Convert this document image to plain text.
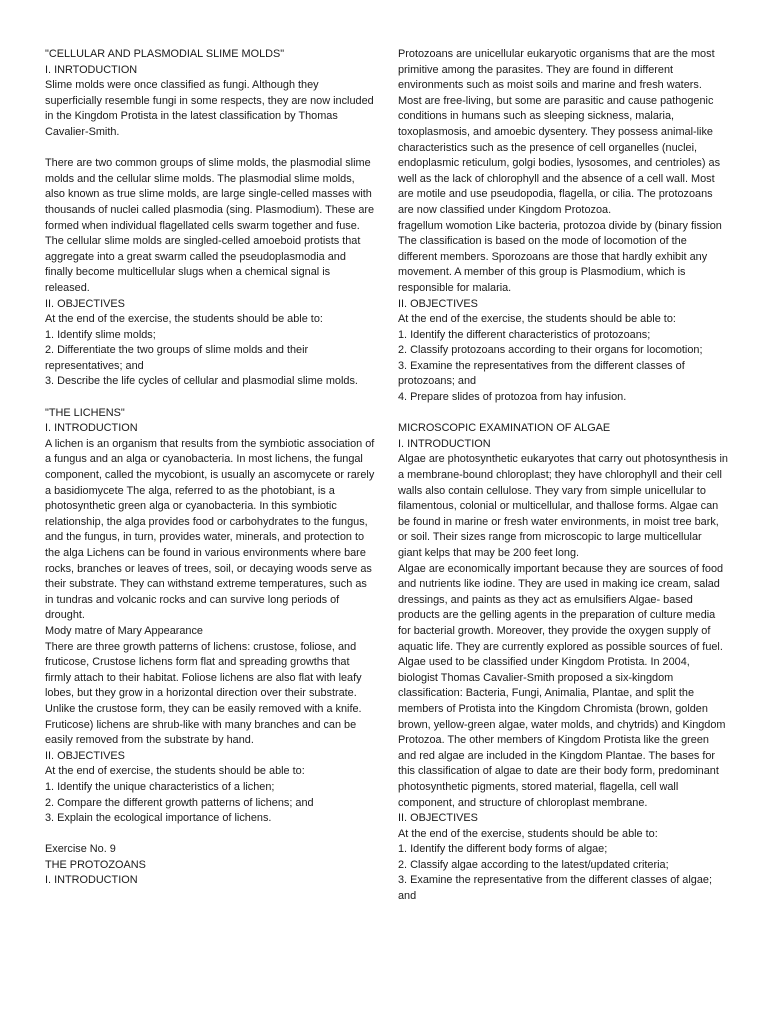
"CELLULAR AND PLASMODIAL SLIME MOLDS"

I. INRTODUCTION

Slime molds were once classified as fungi. Although they superficially resemble fungi in some respects, they are now included in the Kingdom Protista in the latest classification by Thomas Cavalier-Smith.

There are two common groups of slime molds, the plasmodial slime molds and the cellular slime molds. The plasmodial slime molds, also known as true slime molds, are large single-celled masses with thousands of nuclei called plasmodia (sing. Plasmodium). These are formed when individual flagellated cells swarm together and fuse. The cellular slime molds are singled-celled amoeboid protists that aggregate into a great swarm called the pseudoplasmodia and finally become multicellular slugs when a chemical signal is released.

II. OBJECTIVES

At the end of the exercise, the students should be able to:

1. Identify slime molds;

2. Differentiate the two groups of slime molds and their representatives; and

3. Describe the life cycles of cellular and plasmodial slime molds.

"THE LICHENS"

I. INTRODUCTION

A lichen is an organism that results from the symbiotic association of a fungus and an alga or cyanobacteria. In most lichens, the fungal component, called the mycobiont, is usually an ascomycete or rarely a basidiomycete The alga, referred to as the photobiant, is a photosynthetic green alga or cyanobacteria. In this symbiotic relationship, the alga provides food or carbohydrates to the fungus, and the fungus, in turn, provides water, minerals, and protection to the alga Lichens can be found in various environments where bare rocks, branches or leaves of trees, soil, or decaying woods serve as their substrate. They can withstand extreme temperatures, such as in tundras and volcanic rocks and can survive long periods of drought.

Mody matre of Mary Appearance

There are three growth patterns of lichens: crustose, foliose, and fruticose, Crustose lichens form flat and spreading growths that firmly attach to their habitat. Foliose lichens are also flat with leafy lobes, but they grow in a horizontal direction over their substrate. Unlike the crustose form, they can be easily removed with a knife. Fruticose) lichens are shrub-like with many branches and can be easily removed from the substrate by hand.

II. OBJECTIVES

At the end of exercise, the students should be able to:

1. Identify the unique characteristics of a lichen;

2. Compare the different growth patterns of lichens; and

3. Explain the ecological importance of lichens.

Exercise No. 9

THE PROTOZOANS

I. INTRODUCTION

Protozoans are unicellular eukaryotic organisms that are the most primitive among the parasites. They are found in different environments such as moist soils and marine and fresh waters. Most are free-living, but some are parasitic and cause pathogenic conditions in humans such as sleeping sickness, malaria, toxoplasmosis, and amoebic dysentery. They possess animal-like characteristics such as the presence of cell organelles (nuclei, endoplasmic reticulum, golgi bodies, lysosomes, and centrioles) as well as the lack of chlorophyll and the absence of a cell wall. Most are motile and use pseudopodia, flagella, or cilia. The protozoans are now classified under Kingdom Protozoa.

fragellum womotion Like bacteria, protozoa divide by (binary fission The classification is based on the mode of locomotion of the different members. Sporozoans are those that hardly exhibit any movement. A member of this group is Plasmodium, which is responsible for malaria.

II. OBJECTIVES

At the end of the exercise, the students should be able to:

1. Identify the different characteristics of protozoans;

2. Classify protozoans according to their organs for locomotion;

3. Examine the representatives from the different classes of protozoans; and

4. Prepare slides of protozoa from hay infusion.

MICROSCOPIC EXAMINATION OF ALGAE

I. INTRODUCTION

Algae are photosynthetic eukaryotes that carry out photosynthesis in a membrane-bound chloroplast; they have chlorophyll and their cell walls also contain cellulose. They vary from simple unicellular to filamentous, colonial or multicellular, and thallose forms. Algae can be found in marine or fresh water environments, in moist tree bark, or soil. Their sizes range from microscopic to large multicellular giant kelps that may be 200 feet long.

Algae are economically important because they are sources of food and nutrients like iodine. They are used in making ice cream, salad dressings, and paints as they act as emulsifiers Algae- based products are the gelling agents in the preparation of culture media for bacterial growth. Moreover, they provide the oxygen supply of aquatic life. They are currently explored as possible sources of fuel.

Algae used to be classified under Kingdom Protista. In 2004, biologist Thomas Cavalier-Smith proposed a six-kingdom classification: Bacteria, Fungi, Animalia, Plantae, and split the members of Protista into the Kingdom Chromista (brown, golden brown, yellow-green algae, water molds, and chytrids) and Kingdom Protozoa. The other members of Kingdom Protista like the green and red algae are included in the Kingdom Plantae. The bases for this classification of algae to date are their body form, predominant photosynthetic pigments, stored material, flagella, cell wall component, and structure of chloroplast membrane.

II. OBJECTIVES

At the end of the exercise, students should be able to:

1. Identify the different body forms of algae;

2. Classify algae according to the latest/updated criteria;

3. Examine the representative from the different classes of algae; and
